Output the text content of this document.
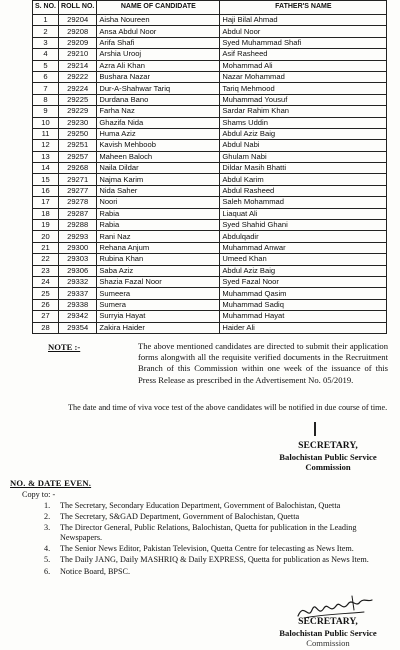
S. NO.	ROLL NO.	NAME OF CANDIDATE	FATHER'S NAME
1	29204	Aisha Noureen	Haji Bilal Ahmad
2	29208	Ansa Abdul Noor	Abdul Noor
3	29209	Arifa Shafi	Syed Muhammad Shafi
4	29210	Arshia Urooj	Asif Rasheed
5	29214	Azra Ali Khan	Mohammad Ali
6	29222	Bushara Nazar	Nazar Mohammad
7	29224	Dur-A-Shahwar Tariq	Tariq Mehmood
8	29225	Durdana Bano	Muhammad Yousuf
9	29229	Farha Naz	Sardar Rahim Khan
10	29230	Ghazifa Nida	Shams Uddin
11	29250	Huma Aziz	Abdul Aziz Baig
12	29251	Kavish Mehboob	Abdul Nabi
13	29257	Maheen Baloch	Ghulam Nabi
14	29268	Naila Dildar	Dildar Masih Bhatti
15	29271	Najma Karim	Abdul Karim
16	29277	Nida Saher	Abdul Rasheed
17	29278	Noori	Saleh Mohammad
18	29287	Rabia	Liaquat Ali
19	29288	Rabia	Syed Shahid Ghani
20	29293	Rani Naz	Abdulqadir
21	29300	Rehana Anjum	Muhammad Anwar
22	29303	Rubina Khan	Umeed Khan
23	29306	Saba Aziz	Abdul Aziz Baig
24	29332	Shazia Fazal Noor	Syed Fazal Noor
25	29337	Sumeera	Muhammad Qasim
26	29338	Sumera	Muhammad Sadiq
27	29342	Surryia Hayat	Muhammad Hayat
28	29354	Zakira Haider	Haider Ali
NOTE :-	The above mentioned candidates are directed to submit their application forms alongwith all the requisite verified documents in the Recruitment Branch of this Commission within one week of the issuance of this Press Release as prescribed in the Advertisement No. 05/2019.
The date and time of viva voce test of the above candidates will be notified in due course of time.
SECRETARY,
Balochistan Public Service
Commission
NO. & DATE EVEN.
Copy to: -
1. The Secretary, Secondary Education Department, Government of Balochistan, Quetta
2. The Secretary, S&GAD Department, Government of Balochistan, Quetta
3. The Director General, Public Relations, Balochistan, Quetta for publication in the Leading Newspapers.
4. The Senior News Editor, Pakistan Television, Quetta Centre for telecasting as News Item.
5. The Daily JANG, Daily MASHRIQ & Daily EXPRESS, Quetta for publication as News Item.
6. Notice Board, BPSC.
SECRETARY,
Balochistan Public Service
Commission
